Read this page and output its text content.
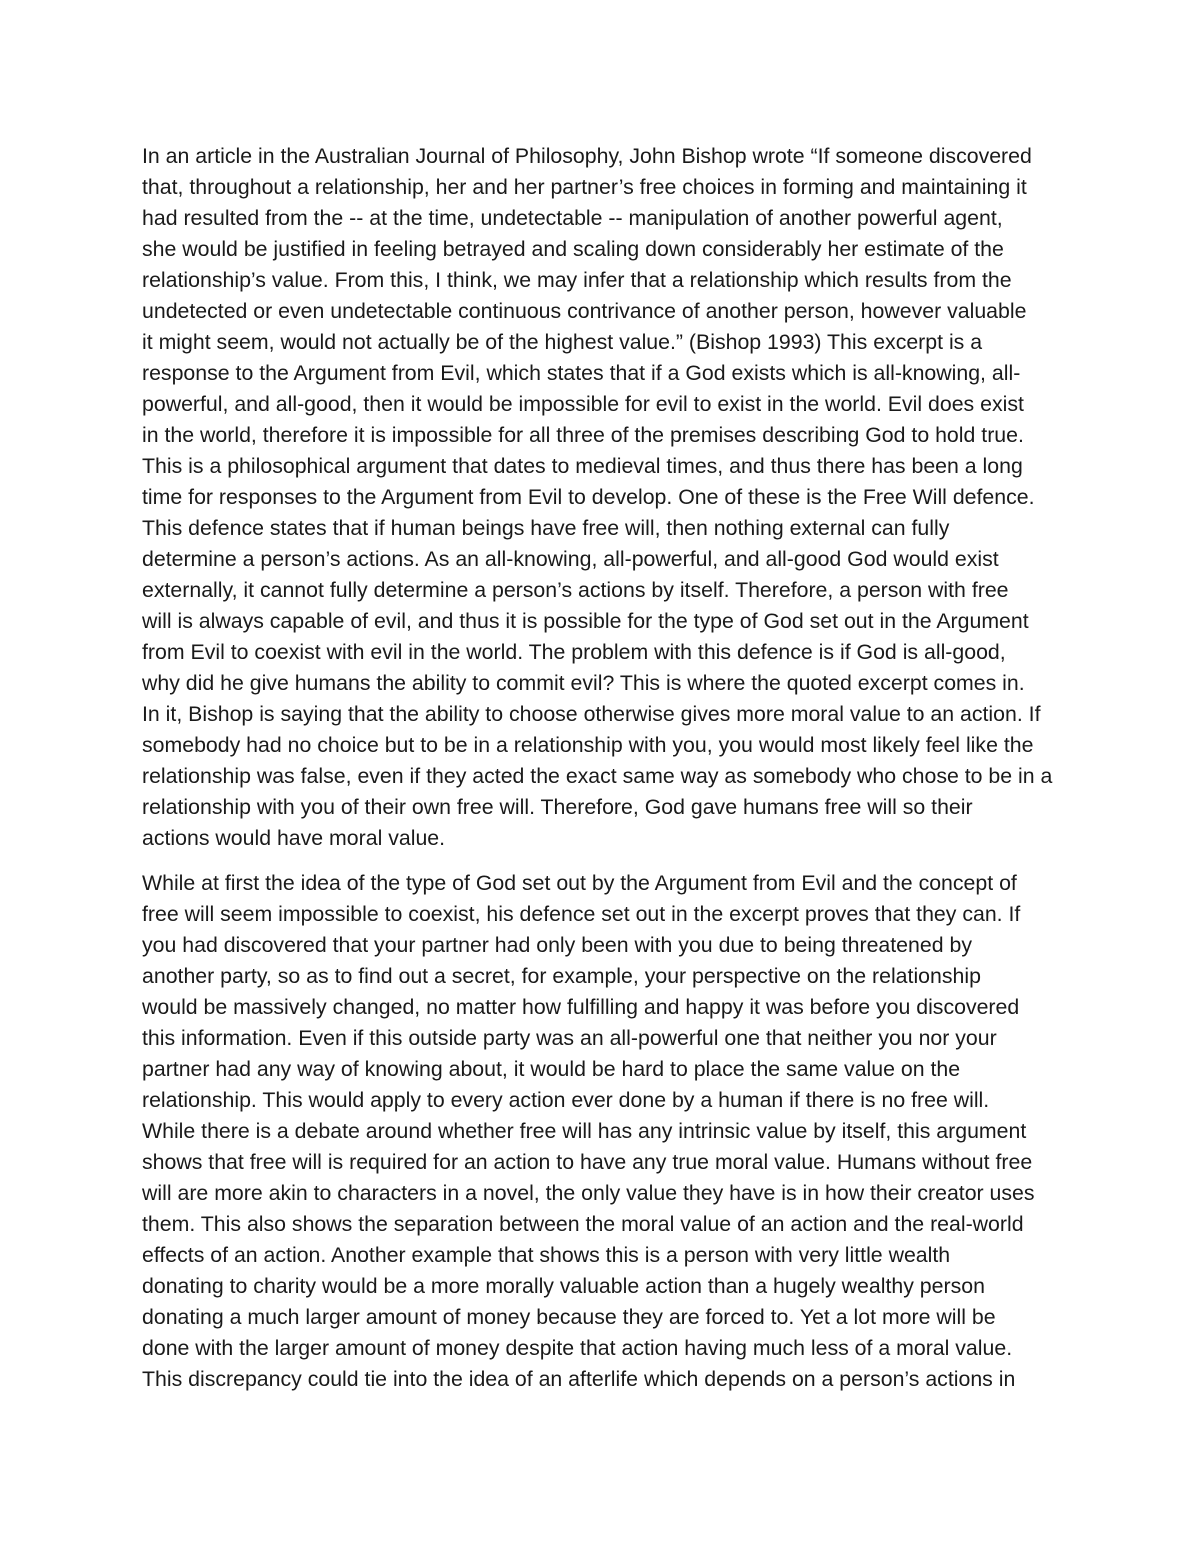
In an article in the Australian Journal of Philosophy, John Bishop wrote “If someone discovered
that, throughout a relationship, her and her partner’s free choices in forming and maintaining it
had resulted from the -- at the time, undetectable -- manipulation of another powerful agent,
she would be justified in feeling betrayed and scaling down considerably her estimate of the
relationship’s value. From this, I think, we may infer that a relationship which results from the
undetected or even undetectable continuous contrivance of another person, however valuable
it might seem, would not actually be of the highest value.” (Bishop 1993) This excerpt is a
response to the Argument from Evil, which states that if a God exists which is all-knowing, all-
powerful, and all-good, then it would be impossible for evil to exist in the world. Evil does exist
in the world, therefore it is impossible for all three of the premises describing God to hold true.
This is a philosophical argument that dates to medieval times, and thus there has been a long
time for responses to the Argument from Evil to develop. One of these is the Free Will defence.
This defence states that if human beings have free will, then nothing external can fully
determine a person’s actions. As an all-knowing, all-powerful, and all-good God would exist
externally, it cannot fully determine a person’s actions by itself. Therefore, a person with free
will is always capable of evil, and thus it is possible for the type of God set out in the Argument
from Evil to coexist with evil in the world. The problem with this defence is if God is all-good,
why did he give humans the ability to commit evil? This is where the quoted excerpt comes in.
In it, Bishop is saying that the ability to choose otherwise gives more moral value to an action. If
somebody had no choice but to be in a relationship with you, you would most likely feel like the
relationship was false, even if they acted the exact same way as somebody who chose to be in a
relationship with you of their own free will. Therefore, God gave humans free will so their
actions would have moral value.
While at first the idea of the type of God set out by the Argument from Evil and the concept of
free will seem impossible to coexist, his defence set out in the excerpt proves that they can. If
you had discovered that your partner had only been with you due to being threatened by
another party, so as to find out a secret, for example, your perspective on the relationship
would be massively changed, no matter how fulfilling and happy it was before you discovered
this information. Even if this outside party was an all-powerful one that neither you nor your
partner had any way of knowing about, it would be hard to place the same value on the
relationship. This would apply to every action ever done by a human if there is no free will.
While there is a debate around whether free will has any intrinsic value by itself, this argument
shows that free will is required for an action to have any true moral value. Humans without free
will are more akin to characters in a novel, the only value they have is in how their creator uses
them. This also shows the separation between the moral value of an action and the real-world
effects of an action. Another example that shows this is a person with very little wealth
donating to charity would be a more morally valuable action than a hugely wealthy person
donating a much larger amount of money because they are forced to. Yet a lot more will be
done with the larger amount of money despite that action having much less of a moral value.
This discrepancy could tie into the idea of an afterlife which depends on a person’s actions in
